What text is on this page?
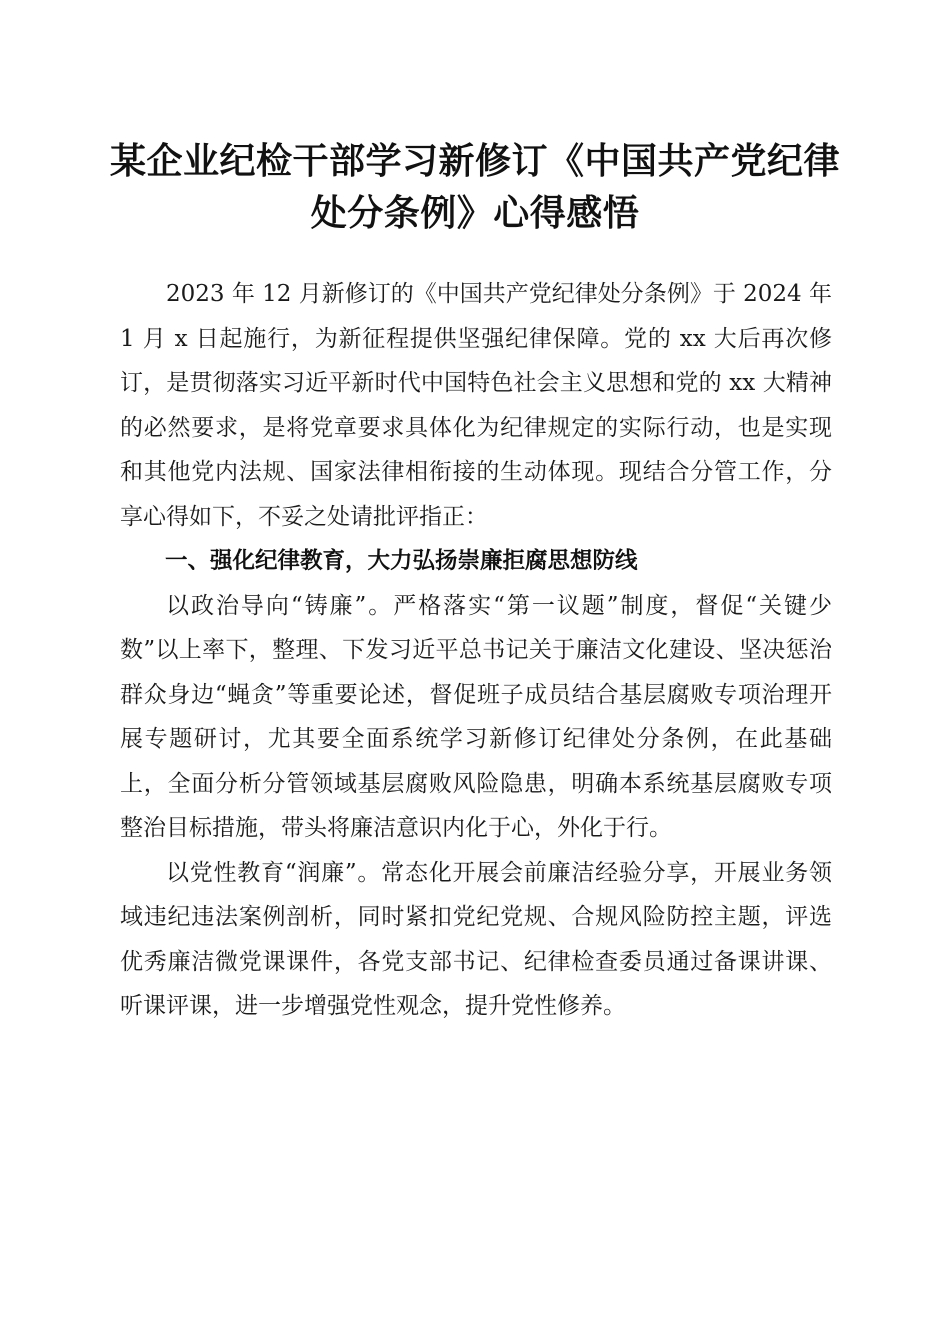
某企业纪检干部学习新修订《中国共产党纪律
处分条例》心得感悟

2023 年 12 月新修订的《中国共产党纪律处分条例》于 2024 年 1 月 x 日起施行，为新征程提供坚强纪律保障。党的 xx 大后再次修订，是贯彻落实习近平新时代中国特色社会主义思想和党的 xx 大精神的必然要求，是将党章要求具体化为纪律规定的实际行动，也是实现和其他党内法规、国家法律相衔接的生动体现。现结合分管工作，分享心得如下，不妥之处请批评指正：

一、强化纪律教育，大力弘扬崇廉拒腐思想防线

以政治导向“铸廉”。严格落实“第一议题”制度，督促“关键少数”以上率下，整理、下发习近平总书记关于廉洁文化建设、坚决惩治群众身边“蝇贪”等重要论述，督促班子成员结合基层腐败专项治理开展专题研讨，尤其要全面系统学习新修订纪律处分条例，在此基础上，全面分析分管领域基层腐败风险隐患，明确本系统基层腐败专项整治目标措施，带头将廉洁意识内化于心，外化于行。

以党性教育“润廉”。常态化开展会前廉洁经验分享，开展业务领域违纪违法案例剖析，同时紧扣党纪党规、合规风险防控主题，评选优秀廉洁微党课课件，各党支部书记、纪律检查委员通过备课讲课、听课评课，进一步增强党性观念，提升党性修养。
